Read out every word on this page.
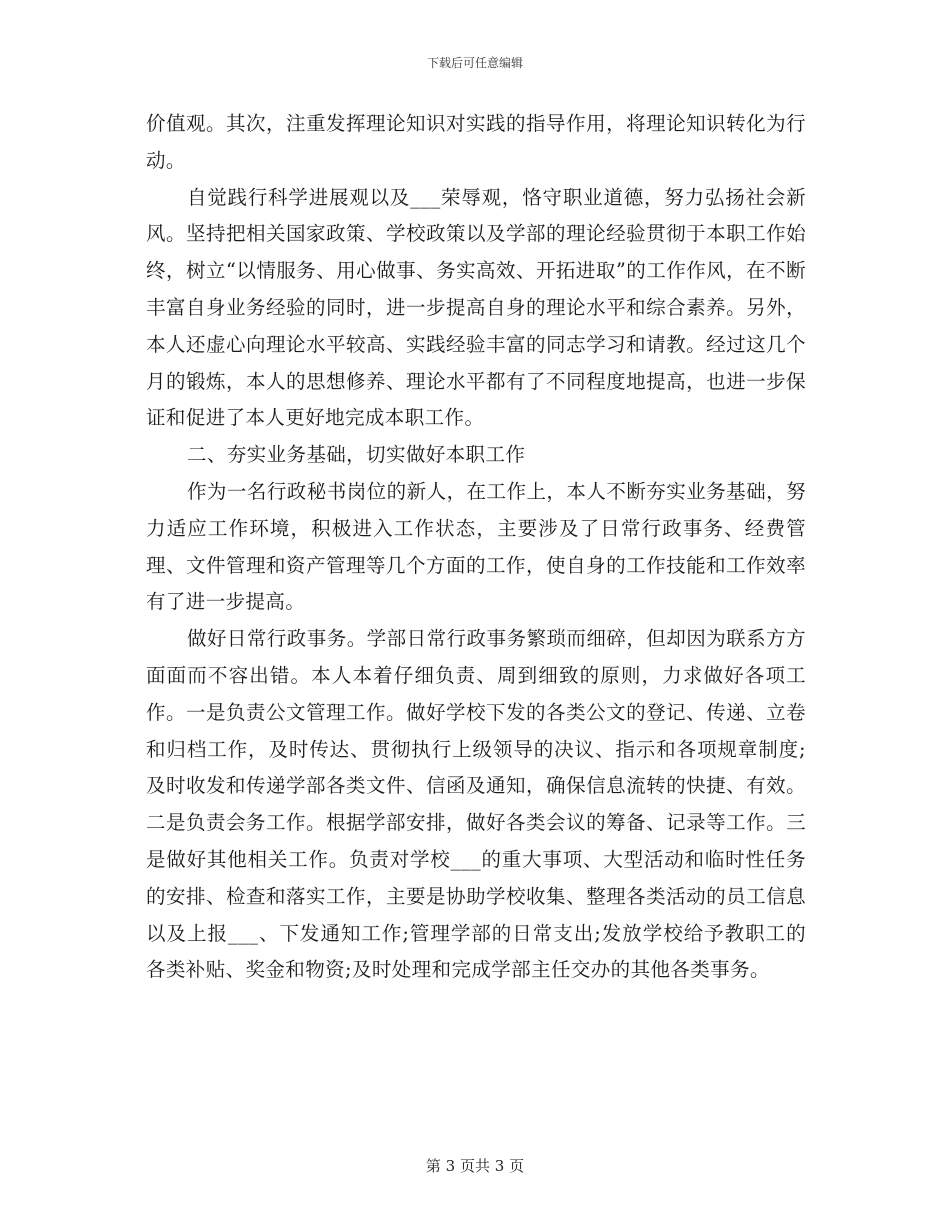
下载后可任意编辑

价值观。其次，注重发挥理论知识对实践的指导作用，将理论知识转化为行动。

自觉践行科学进展观以及___荣辱观，恪守职业道德，努力弘扬社会新风。坚持把相关国家政策、学校政策以及学部的理论经验贯彻于本职工作始终，树立“以情服务、用心做事、务实高效、开拓进取”的工作作风，在不断丰富自身业务经验的同时，进一步提高自身的理论水平和综合素养。另外，本人还虚心向理论水平较高、实践经验丰富的同志学习和请教。经过这几个月的锻炼，本人的思想修养、理论水平都有了不同程度地提高，也进一步保证和促进了本人更好地完成本职工作。

二、夯实业务基础，切实做好本职工作

作为一名行政秘书岗位的新人，在工作上，本人不断夯实业务基础，努力适应工作环境，积极进入工作状态，主要涉及了日常行政事务、经费管理、文件管理和资产管理等几个方面的工作，使自身的工作技能和工作效率有了进一步提高。

做好日常行政事务。学部日常行政事务繁琐而细碎，但却因为联系方方面面而不容出错。本人本着仔细负责、周到细致的原则，力求做好各项工作。一是负责公文管理工作。做好学校下发的各类公文的登记、传递、立卷和归档工作，及时传达、贯彻执行上级领导的决议、指示和各项规章制度;及时收发和传递学部各类文件、信函及通知，确保信息流转的快捷、有效。二是负责会务工作。根据学部安排，做好各类会议的筹备、记录等工作。三是做好其他相关工作。负责对学校___的重大事项、大型活动和临时性任务的安排、检查和落实工作，主要是协助学校收集、整理各类活动的员工信息以及上报___、下发通知工作;管理学部的日常支出;发放学校给予教职工的各类补贴、奖金和物资;及时处理和完成学部主任交办的其他各类事务。

第 3 页共 3 页
